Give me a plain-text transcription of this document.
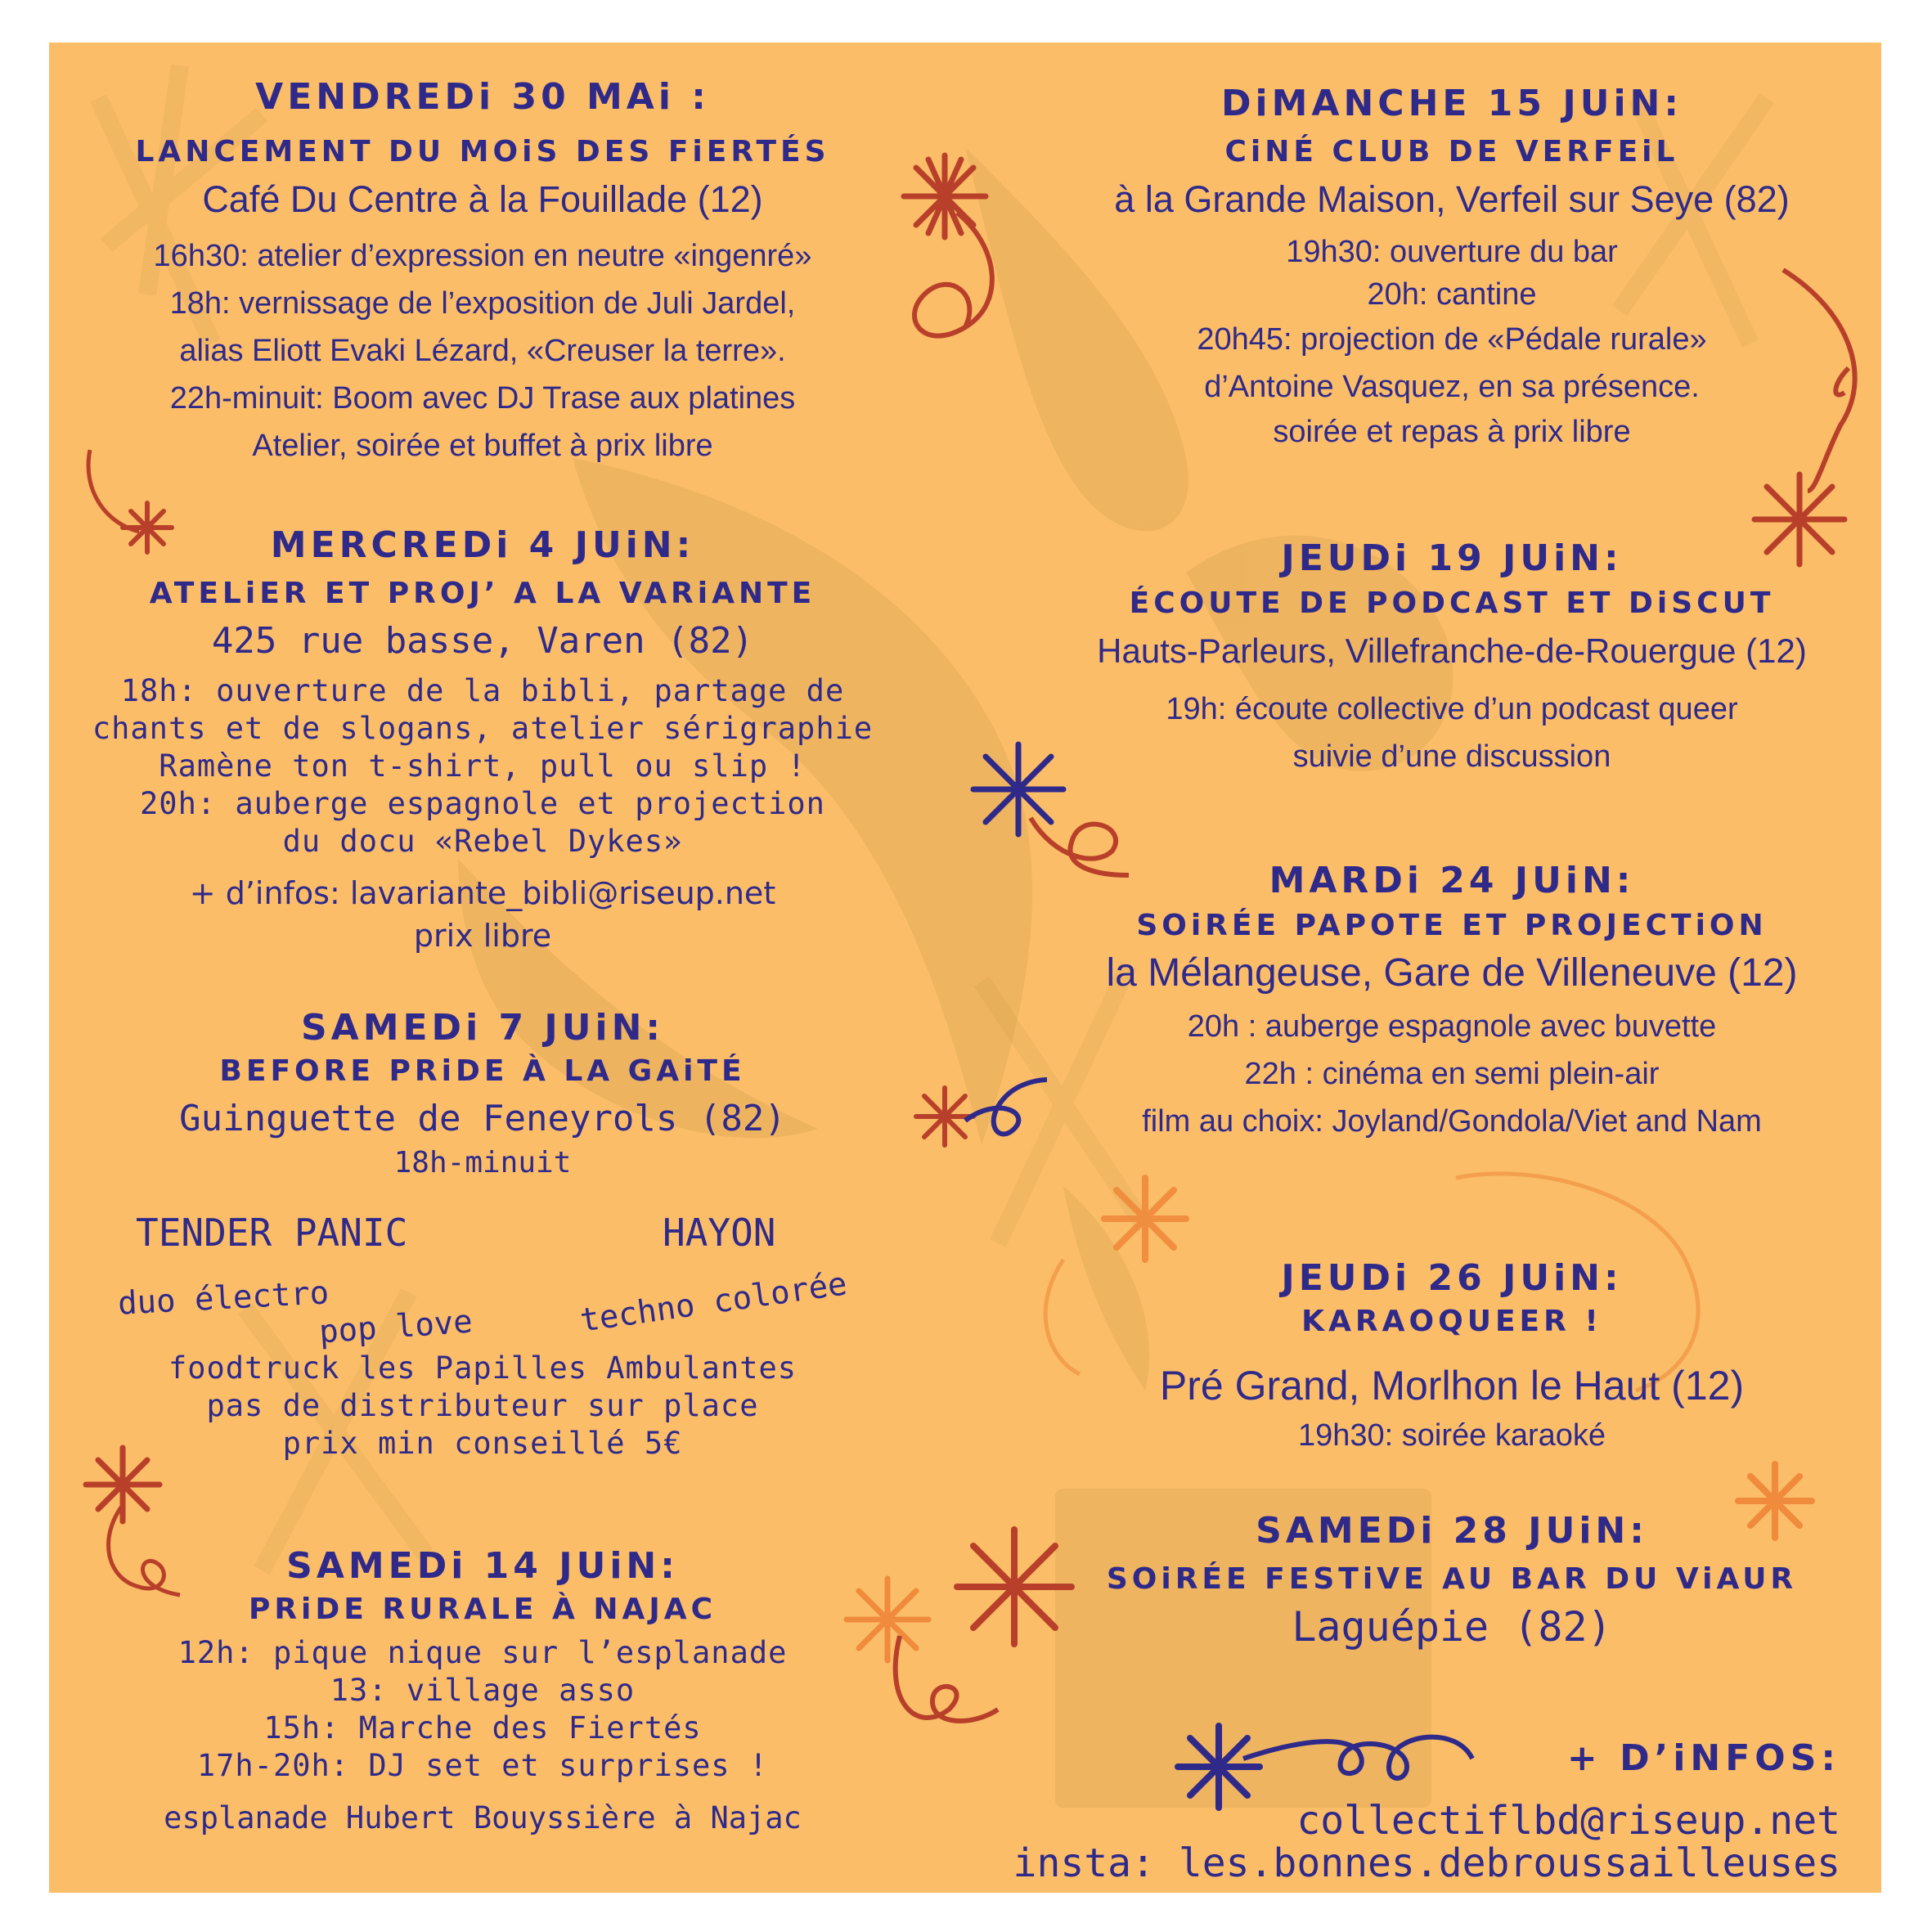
VENDREDi 30 MAi :
LANCEMENT DU MOiS DES FiERTÉS
Café Du Centre à la Fouillade (12)
16h30: atelier d’expression en neutre «ingenré»
18h: vernissage de l’exposition de Juli Jardel,
alias Eliott Evaki Lézard, «Creuser la terre».
22h-minuit: Boom avec DJ Trase aux platines
Atelier, soirée et buffet à prix libre
MERCREDi 4 JUiN:
ATELiER ET PROJ’ A LA VARiANTE
425 rue basse, Varen (82)
18h: ouverture de la bibli, partage de
chants et de slogans, atelier sérigraphie
Ramène ton t-shirt, pull ou slip !
20h: auberge espagnole et projection
du docu «Rebel Dykes»
+ d’infos: lavariante_bibli@riseup.net
prix libre
SAMEDi 7 JUiN:
BEFORE PRiDE À LA GAiTÉ
Guinguette de Feneyrols (82)
18h-minuit
TENDER PANIC
duo électro
pop love
HAYON
techno colorée
foodtruck les Papilles Ambulantes
pas de distributeur sur place
prix min conseillé 5€
SAMEDi 14 JUiN:
PRiDE RURALE À NAJAC
12h: pique nique sur l’esplanade
13: village asso
15h: Marche des Fiertés
17h-20h: DJ set et surprises !
esplanade Hubert Bouyssière à Najac
DiMANCHE 15 JUiN:
CiNÉ CLUB DE VERFEiL
à la Grande Maison, Verfeil sur Seye (82)
19h30: ouverture du bar
20h: cantine
20h45: projection de «Pédale rurale»
d’Antoine Vasquez, en sa présence.
soirée et repas à prix libre
JEUDi 19 JUiN:
ÉCOUTE DE PODCAST ET DiSCUT
Hauts-Parleurs, Villefranche-de-Rouergue (12)
19h: écoute collective d’un podcast queer
suivie d’une discussion
MARDi 24 JUiN:
SOiRÉE PAPOTE ET PROJECTiON
la Mélangeuse, Gare de Villeneuve (12)
20h : auberge espagnole avec buvette
22h : cinéma en semi plein-air
film au choix: Joyland/Gondola/Viet and Nam
JEUDi 26 JUiN:
KARAOQUEER !
Pré Grand, Morlhon le Haut (12)
19h30: soirée karaoké
SAMEDi 28 JUiN:
SOiRÉE FESTiVE AU BAR DU ViAUR
Laguépie (82)
+ D’iNFOS:
collectiflbd@riseup.net
insta: les.bonnes.debroussailleuses
